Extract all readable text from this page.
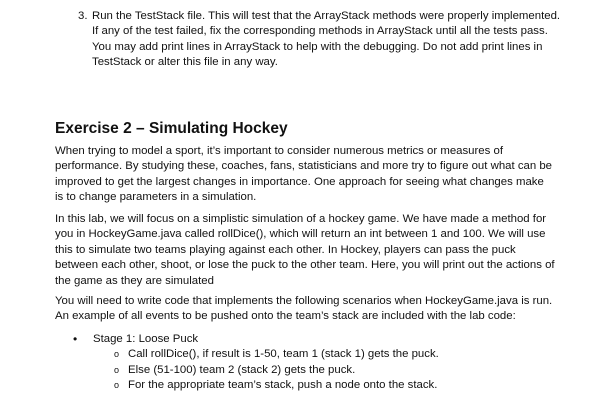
3. Run the TestStack file. This will test that the ArrayStack methods were properly implemented. If any of the test failed, fix the corresponding methods in ArrayStack until all the tests pass. You may add print lines in ArrayStack to help with the debugging. Do not add print lines in TestStack or alter this file in any way.
Exercise 2 – Simulating Hockey

When trying to model a sport, it’s important to consider numerous metrics or measures of performance. By studying these, coaches, fans, statisticians and more try to figure out what can be improved to get the largest changes in importance. One approach for seeing what changes make is to change parameters in a simulation.

In this lab, we will focus on a simplistic simulation of a hockey game. We have made a method for you in HockeyGame.java called rollDice(), which will return an int between 1 and 100. We will use this to simulate two teams playing against each other. In Hockey, players can pass the puck between each other, shoot, or lose the puck to the other team. Here, you will print out the actions of the game as they are simulated

You will need to write code that implements the following scenarios when HockeyGame.java is run. An example of all events to be pushed onto the team’s stack are included with the lab code:

•	Stage 1: Loose Puck
o Call rollDice(), if result is 1-50, team 1 (stack 1) gets the puck.
o Else (51-100) team 2 (stack 2) gets the puck.
o For the appropriate team’s stack, push a node onto the stack.
